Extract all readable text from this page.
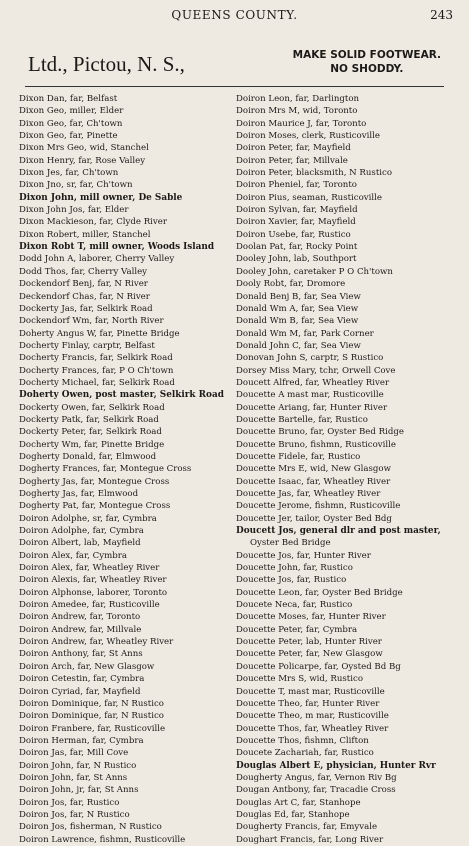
QUEENS COUNTY.	243
Ltd., Pictou, N. S.,	MAKE SOLID FOOTWEAR.
NO SHODDY.
Dixon Dan, far, Belfast
Dixon Geo, miller, Elder
Dixon Geo, far, Ch'town
Dixon Geo, far, Pinette
Dixon Mrs Geo, wid, Stanchel
Dixon Henry, far, Rose Valley
Dixon Jes, far, Ch'town
Dixon Jno, sr, far, Ch'town
Dixon John, mill owner, De Sable
Dixon John Jos, far, Elder
Dixon Mackieson, far, Clyde River
Dixon Robert, miller, Stanchel
Dixon Robt T, mill owner, Woods Island
Dodd John A, laborer, Cherry Valley
Dodd Thos, far, Cherry Valley
Dockendorf Benj, far, N River
Deckendorf Chas, far, N River
Dockerty Jas, far, Selkirk Road
Dockendorf Wm, far, North River
Doherty Angus W, far, Pinette Bridge
Docherty Finlay, carptr, Belfast
Docherty Francis, far, Selkirk Road
Docherty Frances, far, P O Ch'town
Docherty Michael, far, Selkirk Road
Doherty Owen, post master, Selkirk Road
Dockerty Owen, far, Selkirk Road
Dockerty Patk, far, Selkirk Road
Dockerty Peter, far, Selkirk Road
Docherty Wm, far, Pinette Bridge
Dogherty Donald, far, Elmwood
Dogherty Frances, far, Montegue Cross
Dogherty Jas, far, Montegue Cross
Dogherty Jas, far, Elmwood
Dogherty Pat, far, Montegue Cross
Doiron Adolphe, sr, far, Cymbra
Doiron Adolphe, far, Cymbra
Doiron Albert, lab, Mayfield
Doiron Alex, far, Cymbra
Doiron Alex, far, Wheatley River
Doiron Alexis, far, Wheatley River
Doiron Alphonse, laborer, Toronto
Doiron Amedee, far, Rusticoville
Doiron Andrew, far, Toronto
Doiron Andrew, far, Millvale
Doiron Andrew, far, Wheatley River
Doiron Anthony, far, St Anns
Doiron Arch, far, New Glasgow
Doiron Cetestin, far, Cymbra
Doiron Cyriad, far, Mayfield
Doiron Dominique, far, N Rustico
Doiron Dominique, far, N Rustico
Doiron Franbere, far, Rusticoville
Doiron Herman, far, Cymbra
Doiron Jas, far, Mill Cove
Doiron John, far, N Rustico
Doiron John, far, St Anns
Doiron John, jr, far, St Anns
Doiron Jos, far, Rustico
Doiron Jos, far, N Rustico
Doiron Jos, fisherman, N Rustico
Doiron Lawrence, fishmn, Rusticoville
Doiron Leon, far, Darlington
Doiron Mrs M, wid, Toronto
Doiron Maurice J, far, Toronto
Doiron Moses, clerk, Rusticoville
Doiron Peter, far, Mayfield
Doiron Peter, far, Millvale
Doiron Peter, blacksmith, N Rustico
Doiron Pheniel, far, Toronto
Doiron Pius, seaman, Rusticoville
Doiron Sylvan, far, Mayfield
Doiron Xavier, far, Mayfield
Doiron Usebe, far, Rustico
Doolan Pat, far, Rocky Point
Dooley John, lab, Southport
Dooley John, caretaker P O Ch'town
Dooly Robt, far, Dromore
Donald Benj B, far, Sea View
Donald Wm A, far, Sea View
Donald Wm B, far, Sea View
Donald Wm M, far, Park Corner
Donald John C, far, Sea View
Donovan John S, carptr, S Rustico
Dorsey Miss Mary, tchr, Orwell Cove
Doucett Alfred, far, Wheatley River
Doucette A mast mar, Rusticoville
Doucette Ariang, far, Hunter River
Doucette Bartelle, far, Rustico
Doucette Bruno, far, Oyster Bed Ridge
Doucette Bruno, fishmn, Rusticoville
Doucette Fidele, far, Rustico
Doucette Mrs E, wid, New Glasgow
Doucette Isaac, far, Wheatley River
Doucette Jas, far, Wheatley River
Doucette Jerome, fishmn, Rusticoville
Doucette Jer, tailor, Oyster Bed Bdg
Doucett Jos, general dlr and post master,
Oyster Bed Bridge
Doucette Jos, far, Hunter River
Doucette John, far, Rustico
Doucette Jos, far, Rustico
Doucette Leon, far, Oyster Bed Bridge
Doucete Neca, far, Rustico
Doucette Moses, far, Hunter River
Doucette Peter, far, Cymbra
Doucette Peter, lab, Hunter River
Doucette Peter, far, New Glasgow
Doucette Policarpe, far, Oysted Bd Bg
Doucette Mrs S, wid, Rustico
Doucette T, mast mar, Rusticoville
Doucette Theo, far, Hunter River
Doucette Theo, m mar, Rusticoville
Doucette Thos, far, Wheatley River
Doucette Thos, fishmn, Clifton
Doucete Zachariah, far, Rustico
Douglas Albert E, physician, Hunter Rvr
Dougherty Angus, far, Vernon Riv Bg
Dougan Antbony, far, Tracadie Cross
Douglas Art C, far, Stanhope
Douglas Ed, far, Stanhope
Dougherty Francis, far, Emyvale
Doughart Francis, far, Long River
